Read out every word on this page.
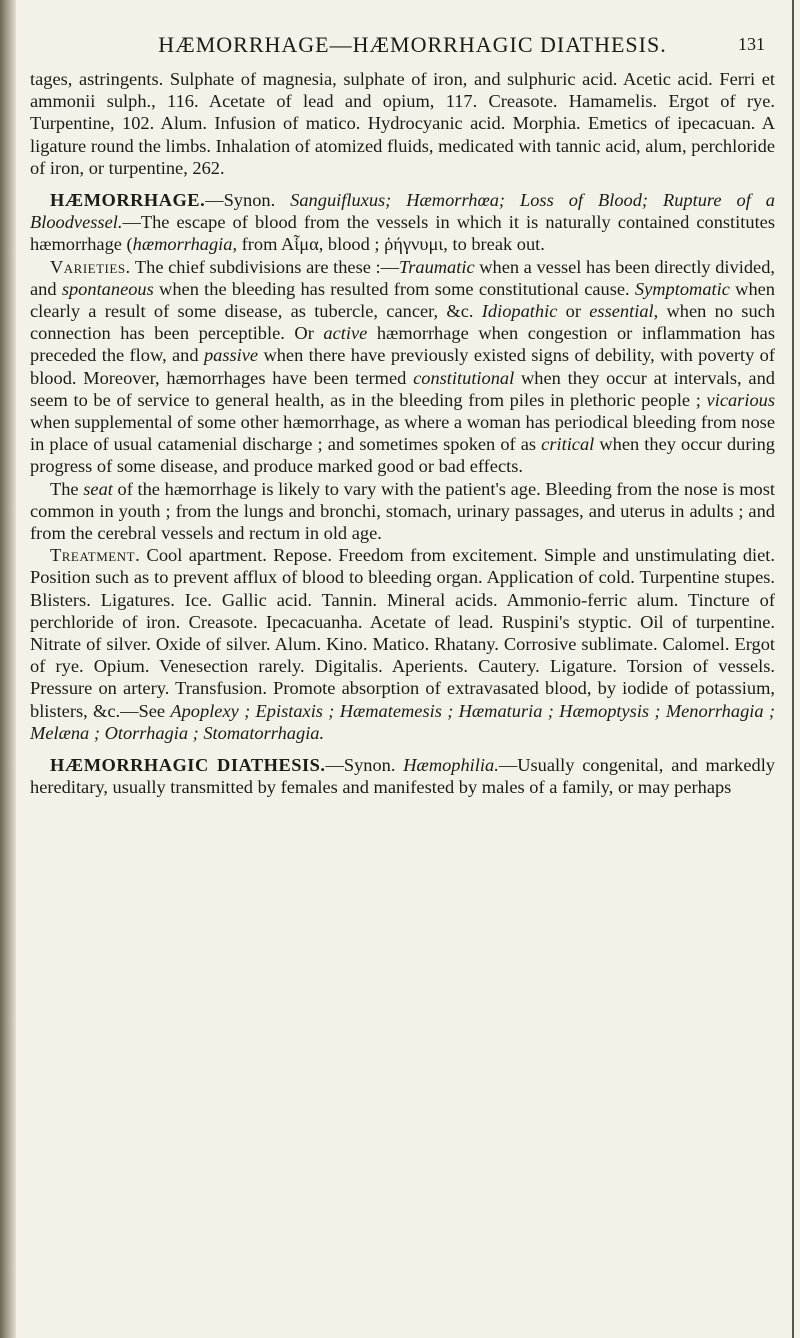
HÆMORRHAGE—HÆMORRHAGIC DIATHESIS.	131

tages, astringents. Sulphate of magnesia, sulphate of iron, and sulphuric acid. Acetic acid. Ferri et ammonii sulph., 116. Acetate of lead and opium, 117. Creasote. Hamamelis. Ergot of rye. Turpentine, 102. Alum. Infusion of matico. Hydrocyanic acid. Morphia. Emetics of ipecacuan. A ligature round the limbs. Inhalation of atomized fluids, medicated with tannic acid, alum, perchloride of iron, or turpentine, 262.

HÆMORRHAGE.—Synon. Sanguifluxus; Hæmorrhœa; Loss of Blood; Rupture of a Bloodvessel.—The escape of blood from the vessels in which it is naturally contained constitutes hæmorrhage (hæmorrhagia, from Aἷμα, blood ; ῥήγνυμι, to break out.

Varieties. The chief subdivisions are these :—Traumatic when a vessel has been directly divided, and spontaneous when the bleeding has resulted from some constitutional cause. Symptomatic when clearly a result of some disease, as tubercle, cancer, &c. Idiopathic or essential, when no such connection has been perceptible. Or active hæmorrhage when congestion or inflammation has preceded the flow, and passive when there have previously existed signs of debility, with poverty of blood. Moreover, hæmorrhages have been termed constitutional when they occur at intervals, and seem to be of service to general health, as in the bleeding from piles in plethoric people ; vicarious when supplemental of some other hæmorrhage, as where a woman has periodical bleeding from nose in place of usual catamenial discharge ; and sometimes spoken of as critical when they occur during progress of some disease, and produce marked good or bad effects.

The seat of the hæmorrhage is likely to vary with the patient's age. Bleeding from the nose is most common in youth ; from the lungs and bronchi, stomach, urinary passages, and uterus in adults ; and from the cerebral vessels and rectum in old age.

Treatment. Cool apartment. Repose. Freedom from excitement. Simple and unstimulating diet. Position such as to prevent afflux of blood to bleeding organ. Application of cold. Turpentine stupes. Blisters. Ligatures. Ice. Gallic acid. Tannin. Mineral acids. Ammonio-ferric alum. Tincture of perchloride of iron. Creasote. Ipecacuanha. Acetate of lead. Ruspini's styptic. Oil of turpentine. Nitrate of silver. Oxide of silver. Alum. Kino. Matico. Rhatany. Corrosive sublimate. Calomel. Ergot of rye. Opium. Venesection rarely. Digitalis. Aperients. Cautery. Ligature. Torsion of vessels. Pressure on artery. Transfusion. Promote absorption of extravasated blood, by iodide of potassium, blisters, &c.—See Apoplexy ; Epistaxis ; Hæmatemesis ; Hæmaturia ; Hæmoptysis ; Menorrhagia ; Melæna ; Otorrhagia ; Stomatorrhagia.

HÆMORRHAGIC DIATHESIS.—Synon. Hæmophilia.—Usually congenital, and markedly hereditary, usually transmitted by females and manifested by males of a family, or may perhaps
